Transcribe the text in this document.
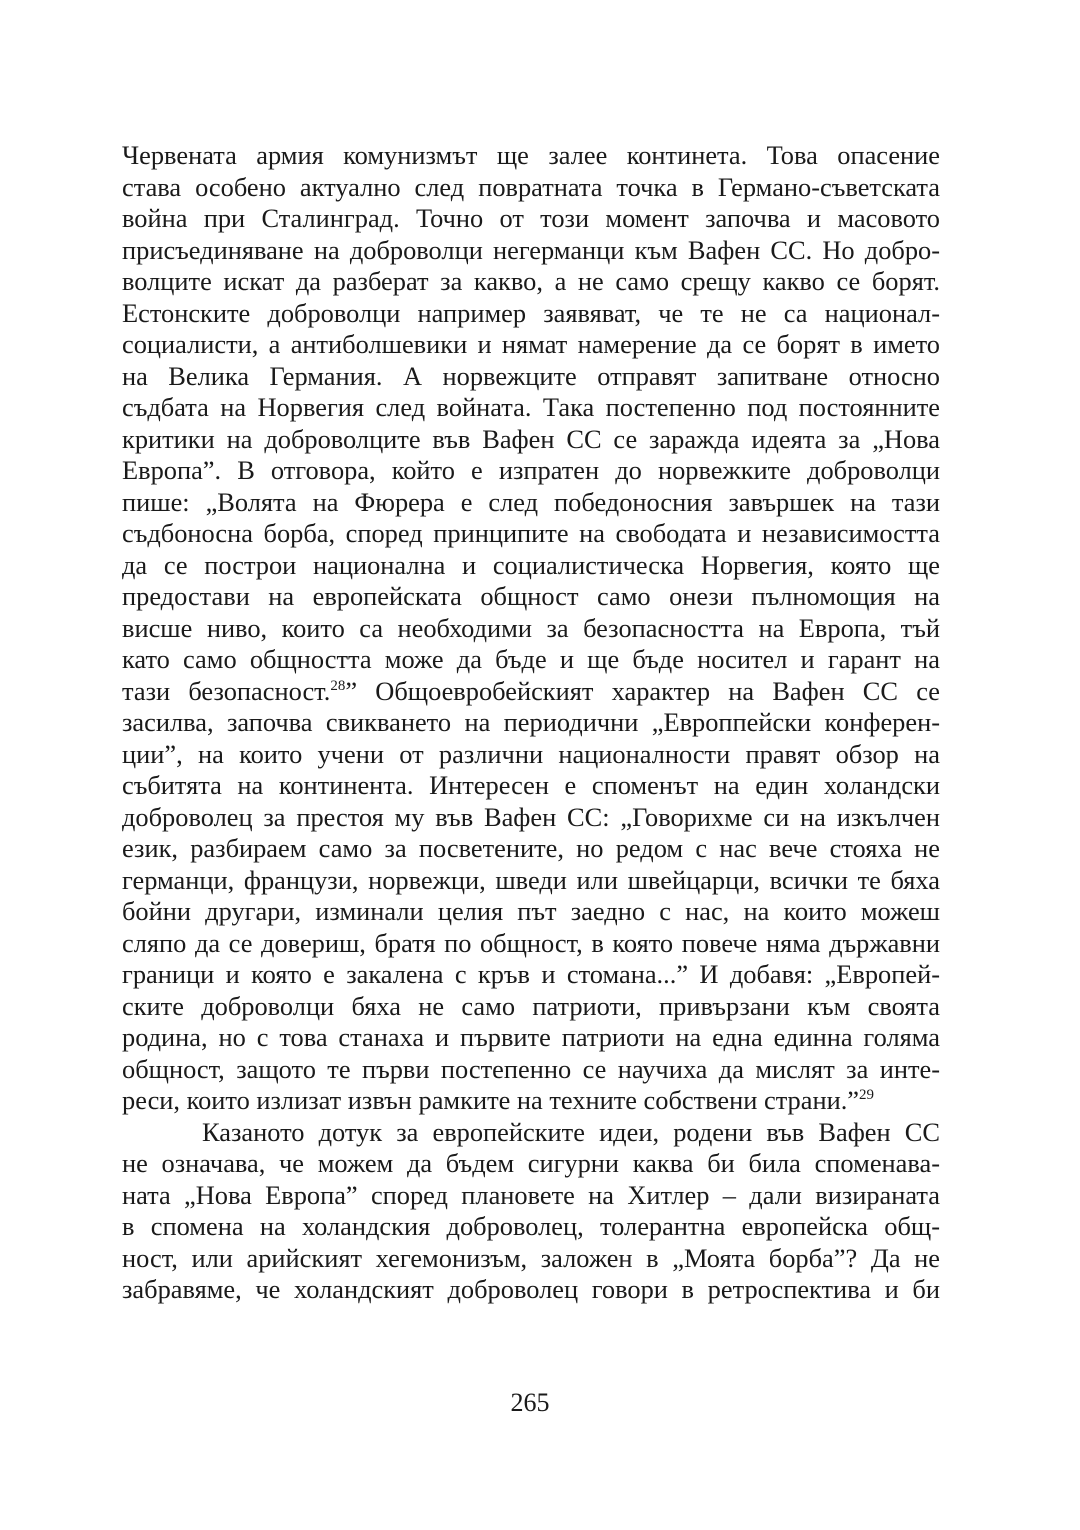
Червената армия комунизмът ще залее континета. Това опасение
става особено актуално след повратната точка в Германо-съветската
война при Сталинград. Точно от този момент започва и масовото
присъединяване на доброволци негерманци към Вафен СС. Но добро-
волците искат да разберат за какво, а не само срещу какво се борят.
Естонските доброволци например заявяват, че те не са национал-
социалисти, а антиболшевики и нямат намерение да се борят в името
на Велика Германия. А норвежците отправят запитване относно
съдбата на Норвегия след войната. Така постепенно под постоянните
критики на доброволците във Вафен СС се заражда идеята за „Нова
Европа”. В отговора, който е изпратен до норвежките доброволци
пише: „Волята на Фюрера е след победоносния завършек на тази
съдбоносна борба, според принципите на свободата и независимостта
да се построи национална и социалистическа Норвегия, която ще
предостави на европейската общност само онези пълномощия на
висше ниво, които са необходими за безопасността на Европа, тъй
като само общността може да бъде и ще бъде носител и гарант на
тази безопасност.$^{28}$” Общоевробейският характер на Вафен СС се
засилва, започва свикването на периодични „Европпейски конферен-
ции”, на които учени от различни националности правят обзор на
събитята на континента. Интересен е споменът на един холандски
доброволец за престоя му във Вафен СС: „Говорихме си на изкълчен
език, разбираем само за посветените, но редом с нас вече стояха не
германци, французи, норвежци, шведи или швейцарци, всички те бяха
бойни другари, изминали целия път заедно с нас, на които можеш
сляпо да се довериш, братя по общност, в която повече няма държавни
граници и която е закалена с кръв и стомана...” И добавя: „Европей-
ските доброволци бяха не само патриоти, привързани към своята
родина, но с това станаха и първите патриоти на една единна голяма
общност, защото те първи постепенно се научиха да мислят за инте-
реси, които излизат извън рамките на техните собствени страни.”$^{29}$
Казаното дотук за европейските идеи, родени във Вафен СС
не означава, че можем да бъдем сигурни каква би била споменава-
ната „Нова Европа” според плановете на Хитлер – дали визираната
в спомена на холандския доброволец, толерантна европейска общ-
ност, или арийският хегемонизъм, заложен в „Моята борба”? Да не
забравяме, че холандският доброволец говори в ретроспектива и би
265
